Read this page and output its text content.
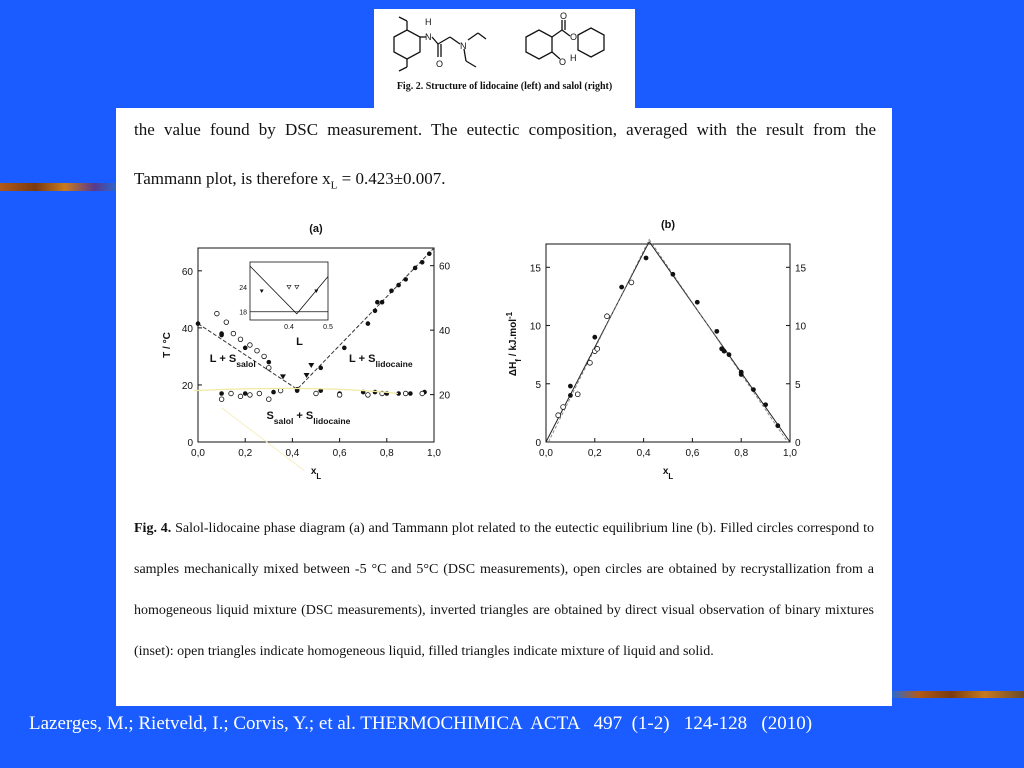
H
N
O
N
O
O
O H
Fig. 2. Structure of lidocaine (left) and salol (right)
the value found by DSC measurement. The eutectic composition, averaged with the result from the
Tammann plot, is therefore $x_L = 0.423\pm 0.007$.
(a)
0,0	0,2	0,4	0,6	0,8	1,0
0
20
40
60
20
40
60
T / °C
$x_L$
L
$L + S_{salol}$	$L + S_{lidocaine}$
$S_{salol} + S_{lidocaine}$
0.4	0.5
18
24
(b)
0,0	0,2	0,4	0,6	0,8	1,0
0
5
10
15
0
5
10
15
$\Delta H_f / kJ.mol^{-1}$
$x_L$
Fig. 4. Salol-lidocaine phase diagram (a) and Tammann plot related to the eutectic equilibrium line (b). Filled circles correspond to samples mechanically mixed between -5 °C and 5°C (DSC measurements), open circles are obtained by recrystallization from a homogeneous liquid mixture (DSC measurements), inverted triangles are obtained by direct visual observation of binary mixtures (inset): open triangles indicate homogeneous liquid, filled triangles indicate mixture of liquid and solid.
Lazerges, M.; Rietveld, I.; Corvis, Y.; et al. THERMOCHIMICA  ACTA   497  (1-2)   124-128   (2010)
